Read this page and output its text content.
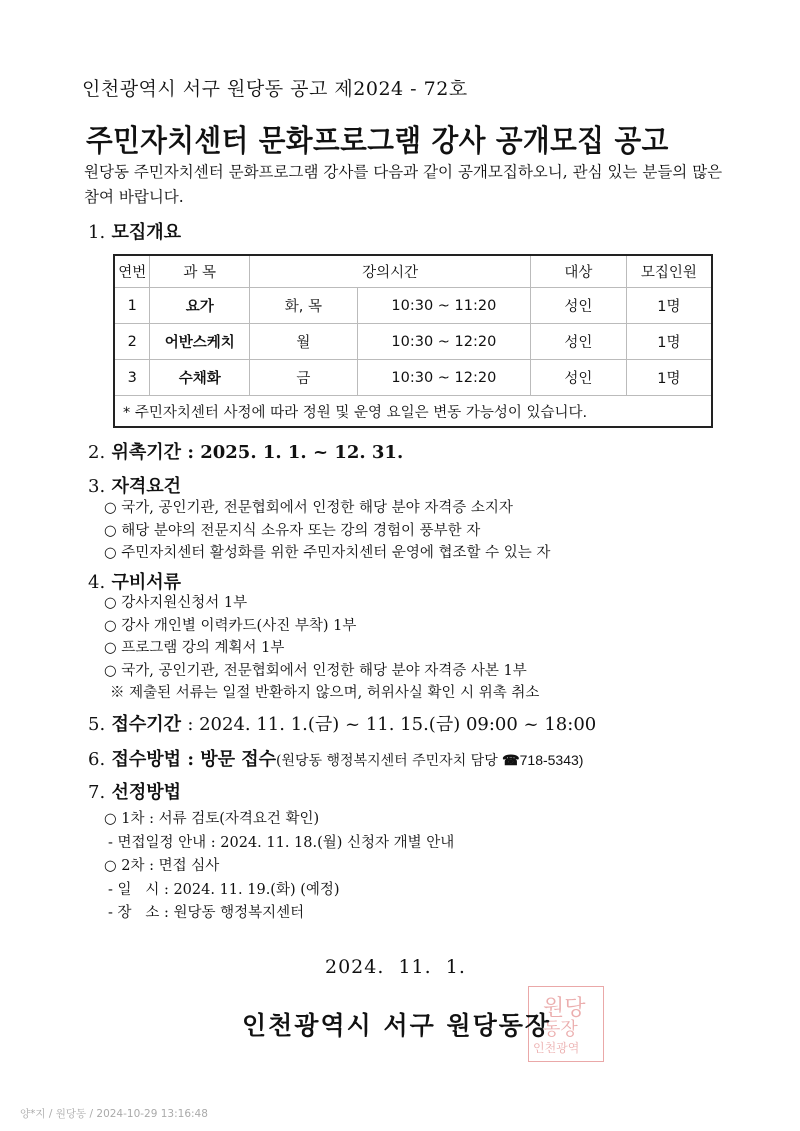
인천광역시 서구 원당동 공고 제2024 - 72호
주민자치센터 문화프로그램 강사 공개모집 공고
원당동 주민자치센터 문화프로그램 강사를 다음과 같이 공개모집하오니, 관심 있는 분들의 많은 참여 바랍니다.
1. 모집개요
연번	과 목	강의시간		대상	모집인원
1	요가	화, 목	10:30 ~ 11:20	성인	1명
2	어반스케치	월	10:30 ~ 12:20	성인	1명
3	수채화	금	10:30 ~ 12:20	성인	1명
* 주민자치센터 사정에 따라 정원 및 운영 요일은 변동 가능성이 있습니다.					
2. 위촉기간 : 2025. 1. 1. ~ 12. 31.
3. 자격요건
○ 국가, 공인기관, 전문협회에서 인정한 해당 분야 자격증 소지자
○ 해당 분야의 전문지식 소유자 또는 강의 경험이 풍부한 자
○ 주민자치센터 활성화를 위한 주민자치센터 운영에 협조할 수 있는 자
4. 구비서류
○ 강사지원신청서 1부
○ 강사 개인별 이력카드(사진 부착) 1부
○ 프로그램 강의 계획서 1부
○ 국가, 공인기관, 전문협회에서 인정한 해당 분야 자격증 사본 1부
※ 제출된 서류는 일절 반환하지 않으며, 허위사실 확인 시 위촉 취소
5. 접수기간 : 2024. 11. 1.(금) ~ 11. 15.(금) 09:00 ~ 18:00
6. 접수방법 : 방문 접수(원당동 행정복지센터 주민자치 담당 ☎718-5343)
7. 선정방법
○ 1차 : 서류 검토(자격요건 확인)
- 면접일정 안내 : 2024. 11. 18.(월) 신청자 개별 안내
○ 2차 : 면접 심사
- 일   시 : 2024. 11. 19.(화) (예정)
- 장   소 : 원당동 행정복지센터
2024.  11.  1.
원당
동장
인천광역
인천광역시 서구 원당동장
양*지 / 원당동 / 2024-10-29 13:16:48
